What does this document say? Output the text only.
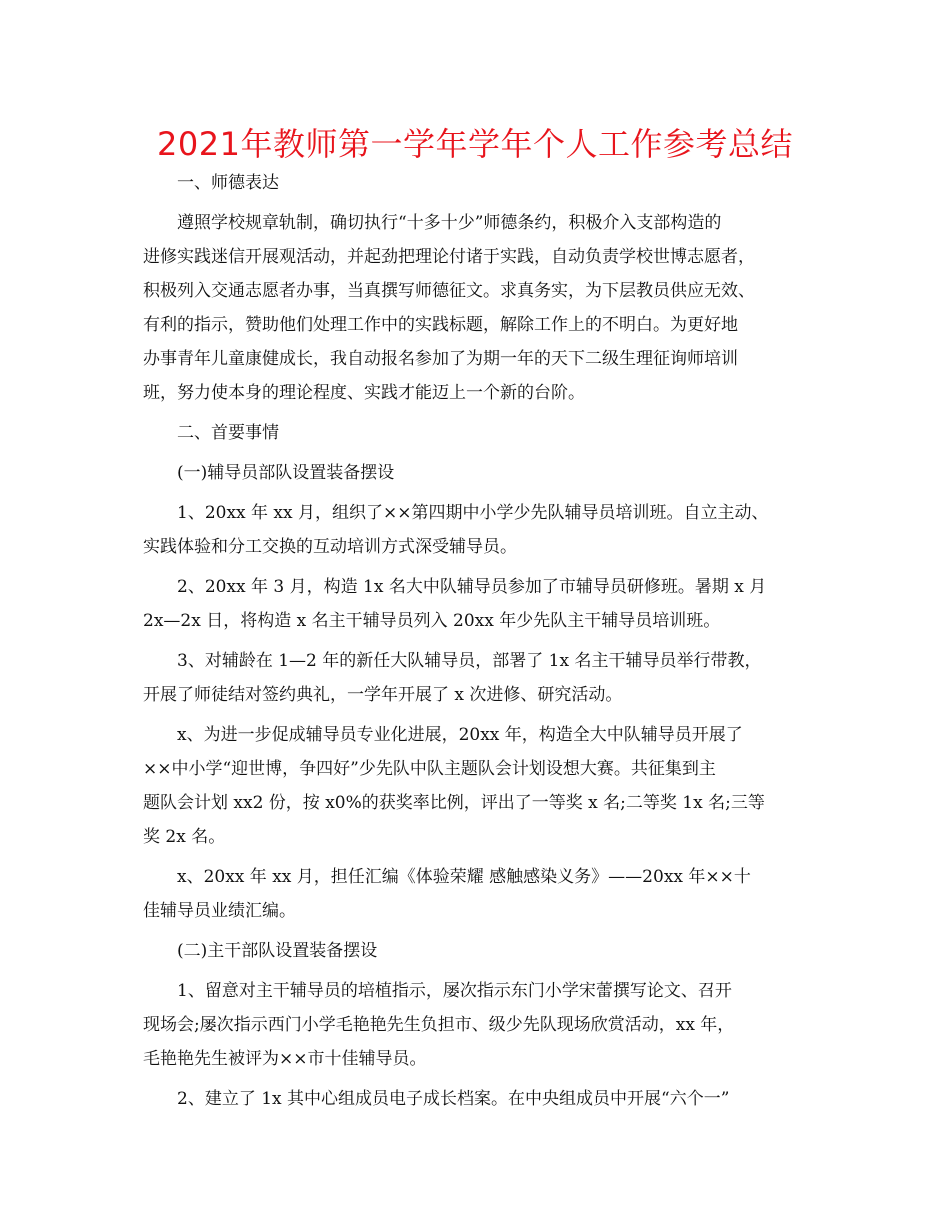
2021年教师第一学年学年个人工作参考总结
一、师德表达
遵照学校规章轨制，确切执行“十多十少”师德条约，积极介入支部构造的
进修实践迷信开展观活动，并起劲把理论付诸于实践，自动负责学校世博志愿者，
积极列入交通志愿者办事，当真撰写师德征文。求真务实，为下层教员供应无效、
有利的指示，赞助他们处理工作中的实践标题，解除工作上的不明白。为更好地
办事青年儿童康健成长，我自动报名参加了为期一年的天下二级生理征询师培训
班，努力使本身的理论程度、实践才能迈上一个新的台阶。
二、首要事情
(一)辅导员部队设置装备摆设
1、20xx 年 xx 月，组织了××第四期中小学少先队辅导员培训班。自立主动、
实践体验和分工交换的互动培训方式深受辅导员。
2、20xx 年 3 月，构造 1x 名大中队辅导员参加了市辅导员研修班。暑期 x 月
2x—2x 日，将构造 x 名主干辅导员列入 20xx 年少先队主干辅导员培训班。
3、对辅龄在 1—2 年的新任大队辅导员，部署了 1x 名主干辅导员举行带教，
开展了师徒结对签约典礼，一学年开展了 x 次进修、研究活动。
x、为进一步促成辅导员专业化进展，20xx 年，构造全大中队辅导员开展了
××中小学“迎世博，争四好”少先队中队主题队会计划设想大赛。共征集到主
题队会计划 xx2 份，按 x0%的获奖率比例，评出了一等奖 x 名;二等奖 1x 名;三等
奖 2x 名。
x、20xx 年 xx 月，担任汇编《体验荣耀 感触感染义务》——20xx 年××十
佳辅导员业绩汇编。
(二)主干部队设置装备摆设
1、留意对主干辅导员的培植指示，屡次指示东门小学宋蕾撰写论文、召开
现场会;屡次指示西门小学毛艳艳先生负担市、级少先队现场欣赏活动，xx 年，
毛艳艳先生被评为××市十佳辅导员。
2、建立了 1x 其中心组成员电子成长档案。在中央组成员中开展“六个一”
